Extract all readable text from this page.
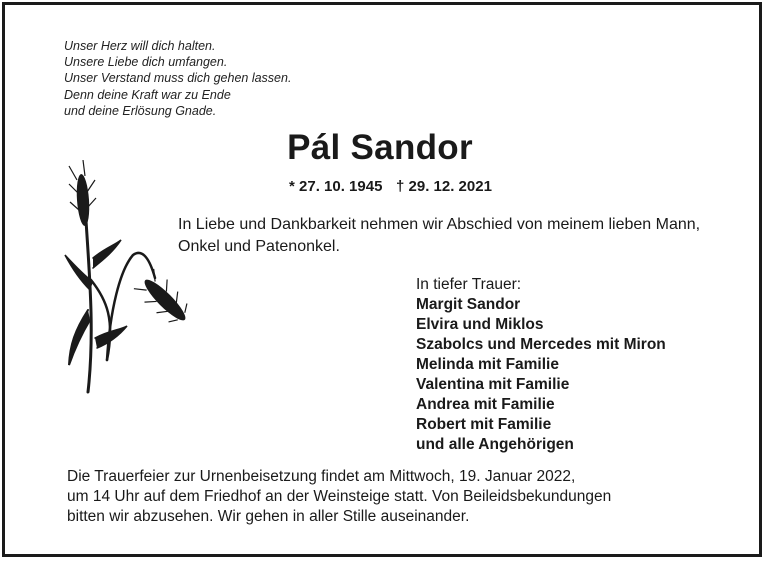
Unser Herz will dich halten.
Unsere Liebe dich umfangen.
Unser Verstand muss dich gehen lassen.
Denn deine Kraft war zu Ende
und deine Erlösung Gnade.
Pál Sandor
* 27. 10. 1945 † 29. 12. 2021
In Liebe und Dankbarkeit nehmen wir Abschied von meinem lieben Mann, Onkel und Patenonkel.
In tiefer Trauer:
Margit Sandor
Elvira und Miklos
Szabolcs und Mercedes mit Miron
Melinda mit Familie
Valentina mit Familie
Andrea mit Familie
Robert mit Familie
und alle Angehörigen
Die Trauerfeier zur Urnenbeisetzung findet am Mittwoch, 19. Januar 2022,
um 14 Uhr auf dem Friedhof an der Weinsteige statt. Von Beileidsbekundungen
bitten wir abzusehen. Wir gehen in aller Stille auseinander.
